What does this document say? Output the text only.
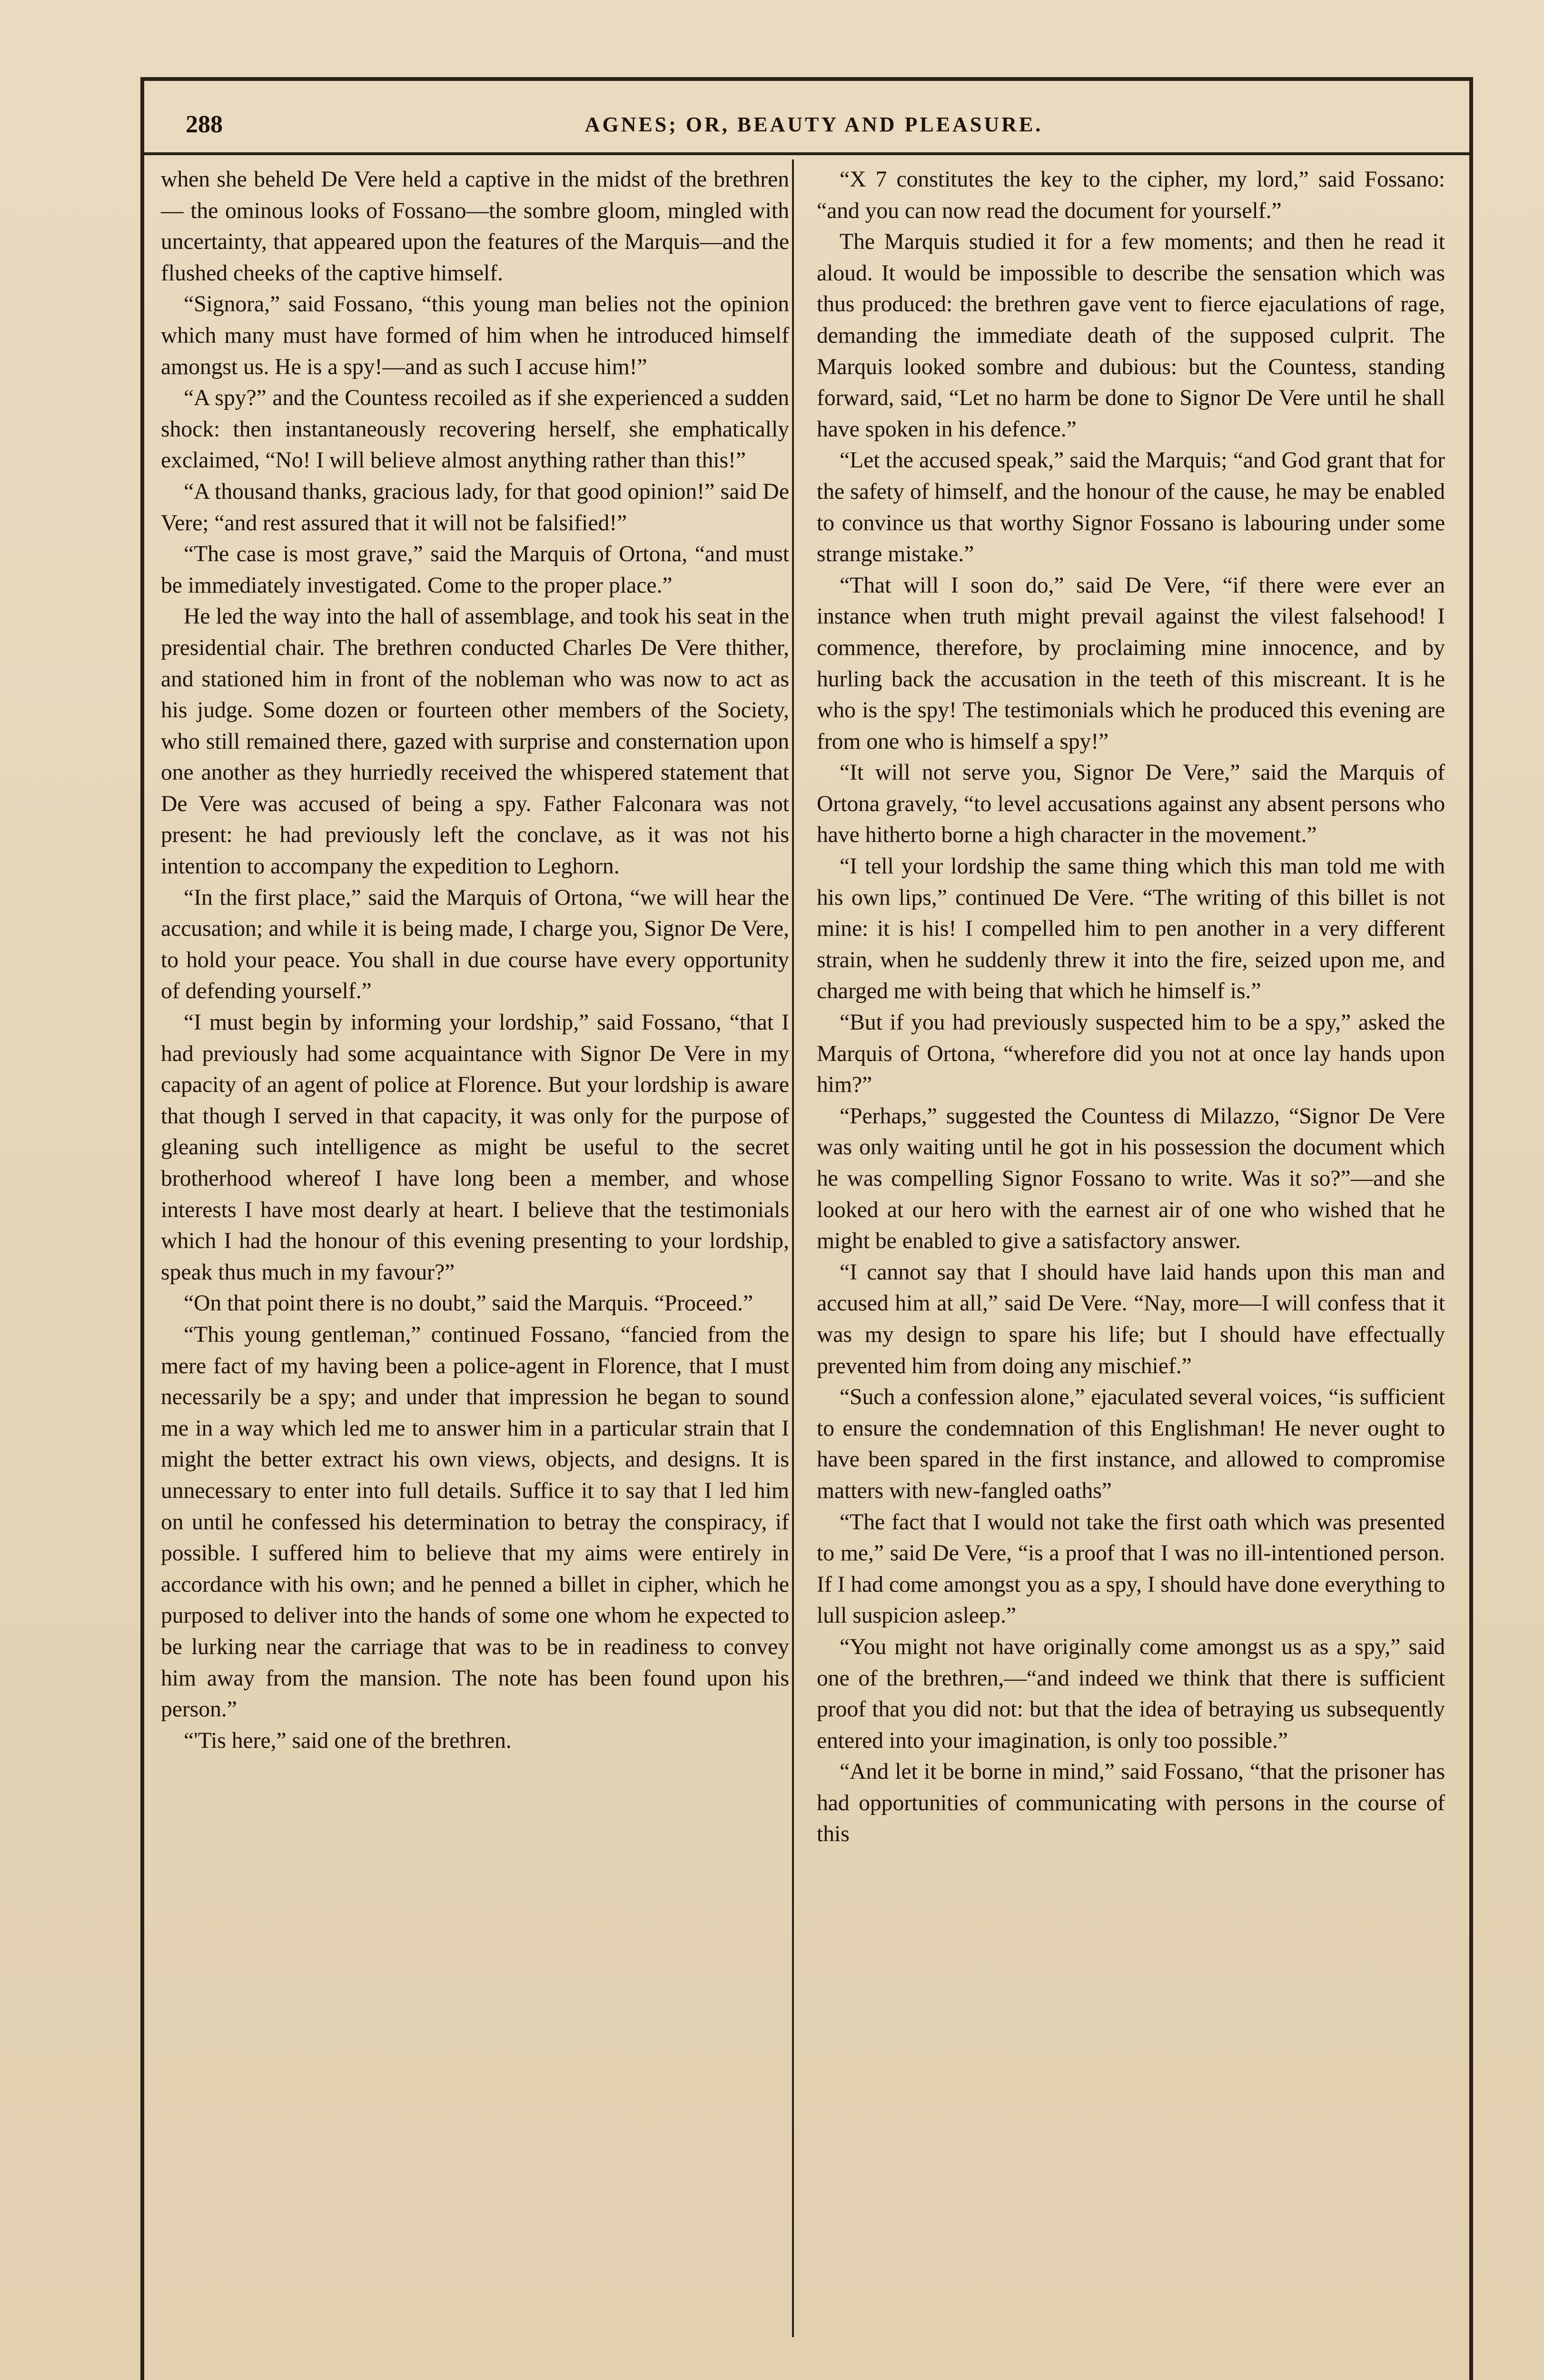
288	AGNES; OR, BEAUTY AND PLEASURE.

when she beheld De Vere held a captive in the midst of the brethren — the ominous looks of Fossano—the sombre gloom, mingled with uncertainty, that appeared upon the features of the Marquis—and the flushed cheeks of the captive himself.

“Signora,” said Fossano, “this young man belies not the opinion which many must have formed of him when he introduced himself amongst us. He is a spy!—and as such I accuse him!”

“A spy?” and the Countess recoiled as if she experienced a sudden shock: then instantaneously recovering herself, she emphatically exclaimed, “No! I will believe almost anything rather than this!”

“A thousand thanks, gracious lady, for that good opinion!” said De Vere; “and rest assured that it will not be falsified!”

“The case is most grave,” said the Marquis of Ortona, “and must be immediately investigated. Come to the proper place.”

He led the way into the hall of assemblage, and took his seat in the presidential chair. The brethren conducted Charles De Vere thither, and stationed him in front of the nobleman who was now to act as his judge. Some dozen or fourteen other members of the Society, who still remained there, gazed with surprise and consternation upon one another as they hurriedly received the whispered statement that De Vere was accused of being a spy. Father Falconara was not present: he had previously left the conclave, as it was not his intention to accompany the expedition to Leghorn.

“In the first place,” said the Marquis of Ortona, “we will hear the accusation; and while it is being made, I charge you, Signor De Vere, to hold your peace. You shall in due course have every opportunity of defending yourself.”

“I must begin by informing your lordship,” said Fossano, “that I had previously had some acquaintance with Signor De Vere in my capacity of an agent of police at Florence. But your lordship is aware that though I served in that capacity, it was only for the purpose of gleaning such intelligence as might be useful to the secret brotherhood whereof I have long been a member, and whose interests I have most dearly at heart. I believe that the testimonials which I had the honour of this evening presenting to your lordship, speak thus much in my favour?”

“On that point there is no doubt,” said the Marquis. “Proceed.”

“This young gentleman,” continued Fossano, “fancied from the mere fact of my having been a police-agent in Florence, that I must necessarily be a spy; and under that impression he began to sound me in a way which led me to answer him in a particular strain that I might the better extract his own views, objects, and designs. It is unnecessary to enter into full details. Suffice it to say that I led him on until he confessed his determination to betray the conspiracy, if possible. I suffered him to believe that my aims were entirely in accordance with his own; and he penned a billet in cipher, which he purposed to deliver into the hands of some one whom he expected to be lurking near the carriage that was to be in readiness to convey him away from the mansion. The note has been found upon his person.”

“'Tis here,” said one of the brethren.

“X 7 constitutes the key to the cipher, my lord,” said Fossano: “and you can now read the document for yourself.”

The Marquis studied it for a few moments; and then he read it aloud. It would be impossible to describe the sensation which was thus produced: the brethren gave vent to fierce ejaculations of rage, demanding the immediate death of the supposed culprit. The Marquis looked sombre and dubious: but the Countess, standing forward, said, “Let no harm be done to Signor De Vere until he shall have spoken in his defence.”

“Let the accused speak,” said the Marquis; “and God grant that for the safety of himself, and the honour of the cause, he may be enabled to convince us that worthy Signor Fossano is labouring under some strange mistake.”

“That will I soon do,” said De Vere, “if there were ever an instance when truth might prevail against the vilest falsehood! I commence, therefore, by proclaiming mine innocence, and by hurling back the accusation in the teeth of this miscreant. It is he who is the spy! The testimonials which he produced this evening are from one who is himself a spy!”

“It will not serve you, Signor De Vere,” said the Marquis of Ortona gravely, “to level accusations against any absent persons who have hitherto borne a high character in the movement.”

“I tell your lordship the same thing which this man told me with his own lips,” continued De Vere. “The writing of this billet is not mine: it is his! I compelled him to pen another in a very different strain, when he suddenly threw it into the fire, seized upon me, and charged me with being that which he himself is.”

“But if you had previously suspected him to be a spy,” asked the Marquis of Ortona, “wherefore did you not at once lay hands upon him?”

“Perhaps,” suggested the Countess di Milazzo, “Signor De Vere was only waiting until he got in his possession the document which he was compelling Signor Fossano to write. Was it so?”—and she looked at our hero with the earnest air of one who wished that he might be enabled to give a satisfactory answer.

“I cannot say that I should have laid hands upon this man and accused him at all,” said De Vere. “Nay, more—I will confess that it was my design to spare his life; but I should have effectually prevented him from doing any mischief.”

“Such a confession alone,” ejaculated several voices, “is sufficient to ensure the condemnation of this Englishman! He never ought to have been spared in the first instance, and allowed to compromise matters with new-fangled oaths”

“The fact that I would not take the first oath which was presented to me,” said De Vere, “is a proof that I was no ill-intentioned person. If I had come amongst you as a spy, I should have done everything to lull suspicion asleep.”

“You might not have originally come amongst us as a spy,” said one of the brethren,—“and indeed we think that there is sufficient proof that you did not: but that the idea of betraying us subsequently entered into your imagination, is only too possible.”

“And let it be borne in mind,” said Fossano, “that the prisoner has had opportunities of communicating with persons in the course of this
